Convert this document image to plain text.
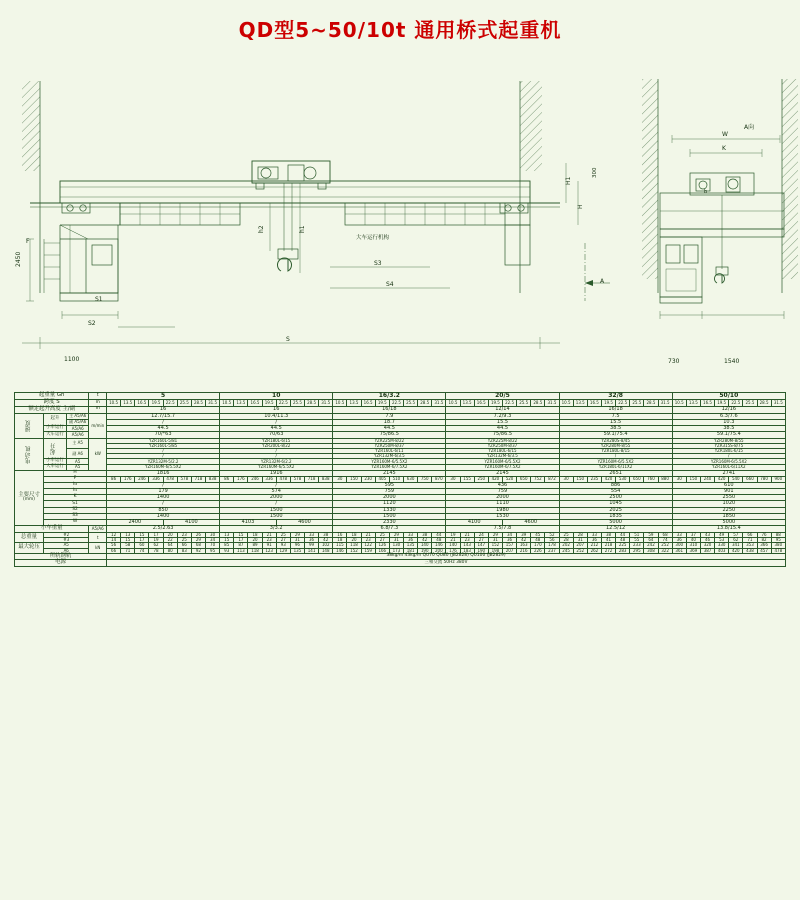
QD型5~50/10t 通用桥式起重机
A向
W
K
H1
H
h2	h1
S
S1
S2
S3
S4
2450
F
1100
A
大车运行机构
300
730	1540
b
起重量 Gn			t	5								10								16/3.2								20/5								32/8								50/10							
跨度 S			m	10.5	13.5	16.5	19.5	22.5	25.5	28.5	31.5	10.5	13.5	16.5	19.5	22.5	25.5	28.5	31.5	10.5	13.5	16.5	19.5	22.5	25.5	28.5	31.5	10.5	13.5	16.5	19.5	22.5	25.5	28.5	31.5	10.5	13.5	16.5	19.5	22.5	25.5	28.5	31.5	10.5	13.5	16.5	19.5	22.5	25.5	28.5	31.5
额定起升高度 主/副			m	16								16								16/18								12/14								16/18								12/16							
速度	起升	主 A5/A6	m/min	12.7/15.7								10.4/11.3								7.9								7.2/9.3								7.5								6.3/7.6							
		副 A5/A6		/								/								18.7								15.5								15.5								10.3							
	小车运行	A5/A6		44.5								44.5								44.5								44.5								38.5								38.5							
	大车运行	A5/A6		70/*63								70/63								75/86.5								75/86.5								59.1/75.4								59.1/75.4							
电动机	起升	主 A5	kW	YZR160L-5/81								YZR180L-6/15								YZR225M-8/22								YZR225M-8/22								YZR280S-8/45								YZR280M-8/55							
				YZR160L-5/85								YZR200L-8/22								YZR250M-8/37								YZR250M-8/37								YZR280M-8/55								YZR315S-8/75							
		副 A6		/								/								YZR160L-6/11								YZR180L-6/15								YZR180L-8/15								YZR180L-6/15							
				/								/								YZR132M-6/3.5								YZR132M-6/3.5								/								/							
	小车运行	A5		YZR132M-5/2.2								YZR132M-6/2.2								YZR160M-6/5.5X2								YZR160M-6/5.5X2								YZR160M-6/5.5X2								YZR160M-6/5.5X2							
	大车运行	A5		YZR160M-6/5.5X2								YZR160M-6/5.5X2								YZR160M-6/7.5X2								YZR160M-6/7.5X2								YZR180L-6/11X2								YZR160L-6/11X2							

主要尺寸
(mm)	H			1816								1916								2145								2145								2651								2741							
	F			86	176	246	336	478	578	718	838	86	176	246	336	478	578	718	838	30	150	230	405	510	630	750	870	30	155	250	420	520	650	752	872	30	150	235	420	530	650	760	880	30	150	240	420	540	660	780	900
	h₂			/								/								595								436								886								610							
	h₁			179								574								759								759								554								901							
	K			1400								2000								2000								2000								2500								2550							
	S1			/								/								1120								1110								1045								1020							
	S2			850								1500								1330								1980								2025								2250							
	S3			1400								1500								1500								1530								1835								1850							
	W			2400				4100				4103				4600				2330								4100				4600				5000								5000							
小车重量			A5/A6	2.5/2.63								3/3.2								6.8/7.3								7.5/7.8								12.5/12								13.8/15.4							
总重量	#2		t	12	13	15	17	20	23	26	30	13	15	18	21	25	29	33	38	16	18	21	25	29	33	38	44	19	21	24	29	34	39	45	52	25	28	33	38	44	51	59	68	33	37	43	49	57	66	76	88
	#3			14	15	17	19	22	25	29	34	15	17	20	23	27	31	36	42	18	20	23	27	31	36	42	48	21	23	27	31	36	42	48	56	28	31	36	41	48	55	64	74	36	40	46	53	62	71	82	95
最大轮压	A5		kN	56	58	60	62	64	66	68	70	85	87	89	91	93	96	99	102	115	118	122	126	130	135	140	146	140	143	147	152	157	163	170	178	202	207	212	218	225	233	242	252	300	310	320	330	341	353	366	380
	A6			66	71	74	78	80	83	92	95	93	113	118	123	129	135	141	148	146	152	159	166	173	181	190	200	176	183	190	198	207	216	226	237	245	252	262	272	283	295	308	322	361	369	387	403	420	438	457	478
所轨钢轨				38kg/m 43kg/m QU70 QU80 (JB2828) QU100 (JB2829)																																															
电源				三相交流 50Hz 380V																																															
